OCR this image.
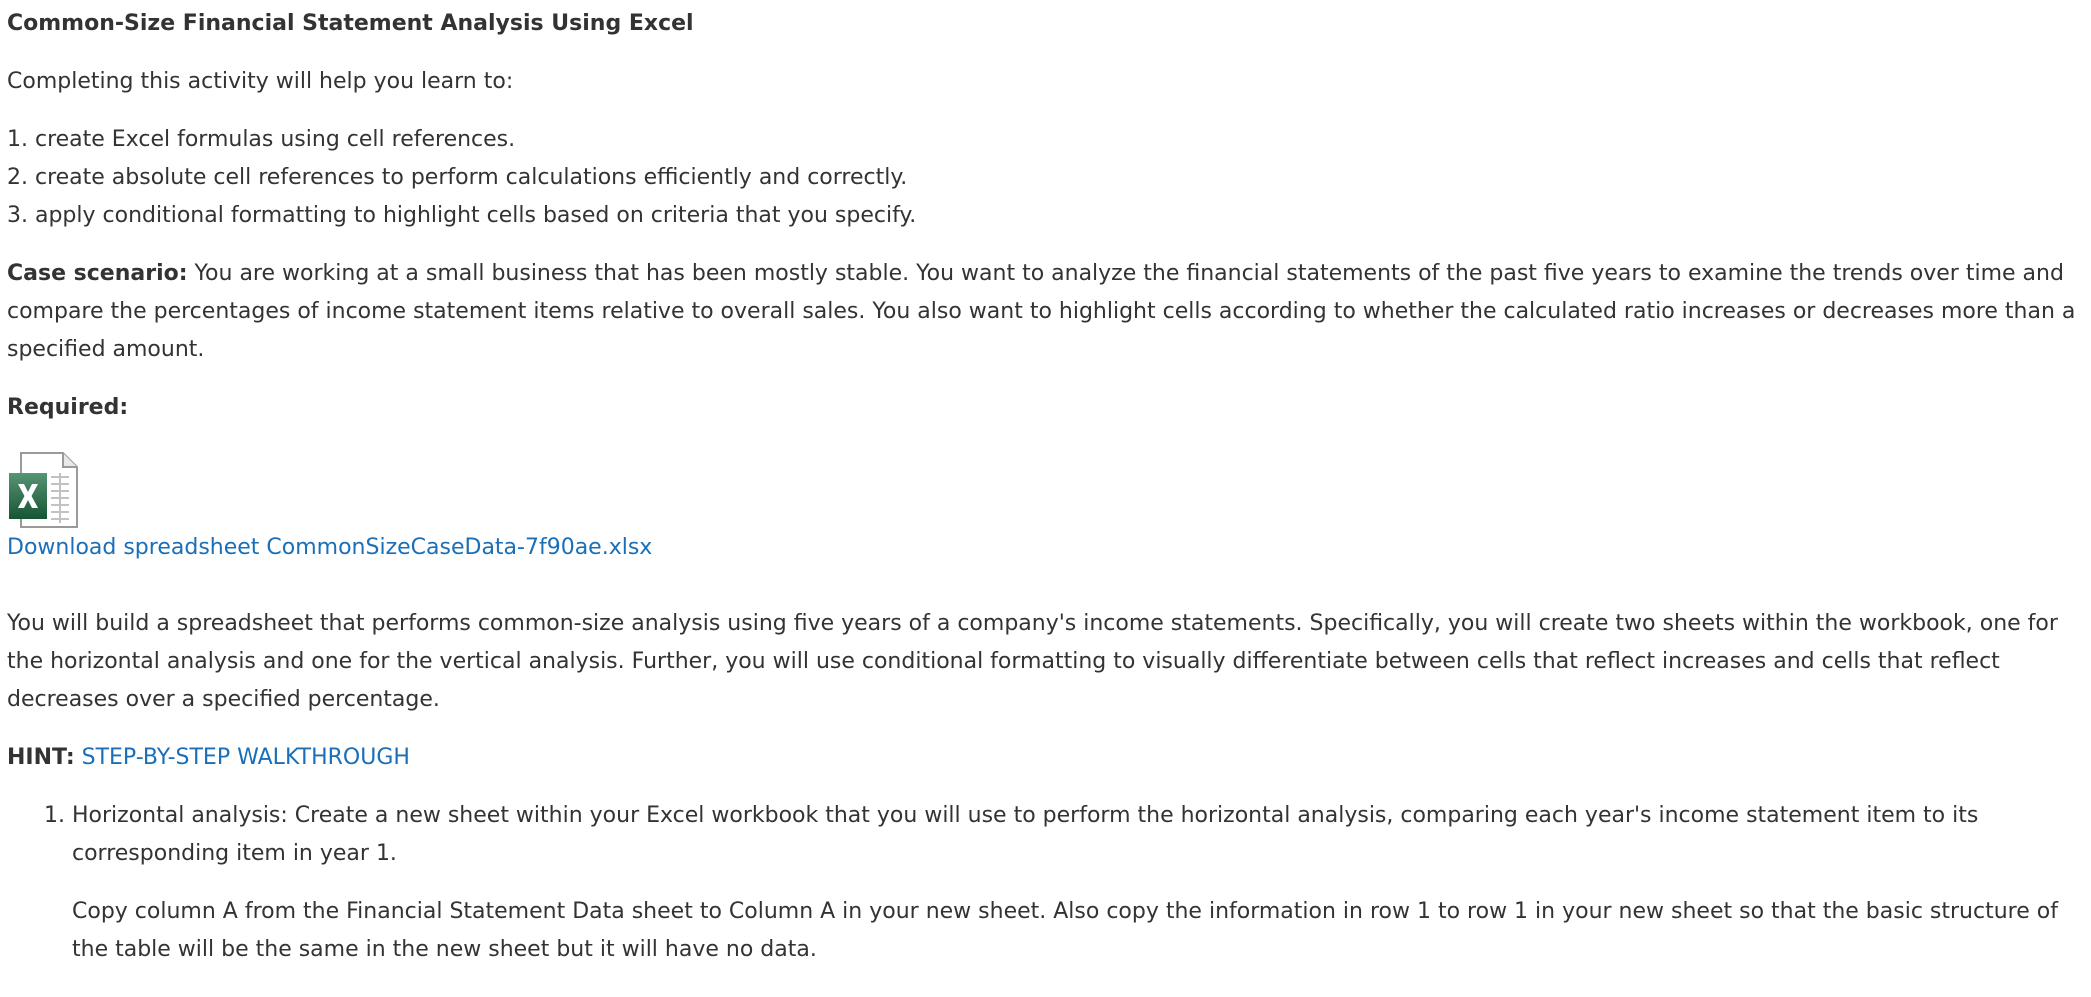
Common-Size Financial Statement Analysis Using Excel

Completing this activity will help you learn to:

1. create Excel formulas using cell references.

2. create absolute cell references to perform calculations efficiently and correctly.

3. apply conditional formatting to highlight cells based on criteria that you specify.

Case scenario: You are working at a small business that has been mostly stable. You want to analyze the financial statements of the past five years to examine the trends over time and compare the percentages of income statement items relative to overall sales. You also want to highlight cells according to whether the calculated ratio increases or decreases more than a specified amount.

Required:

Download spreadsheet CommonSizeCaseData-7f90ae.xlsx

You will build a spreadsheet that performs common-size analysis using five years of a company's income statements. Specifically, you will create two sheets within the workbook, one for the horizontal analysis and one for the vertical analysis. Further, you will use conditional formatting to visually differentiate between cells that reflect increases and cells that reflect decreases over a specified percentage.

HINT: STEP-BY-STEP WALKTHROUGH

1. Horizontal analysis: Create a new sheet within your Excel workbook that you will use to perform the horizontal analysis, comparing each year's income statement item to its corresponding item in year 1.

Copy column A from the Financial Statement Data sheet to Column A in your new sheet. Also copy the information in row 1 to row 1 in your new sheet so that the basic structure of the table will be the same in the new sheet but it will have no data.
